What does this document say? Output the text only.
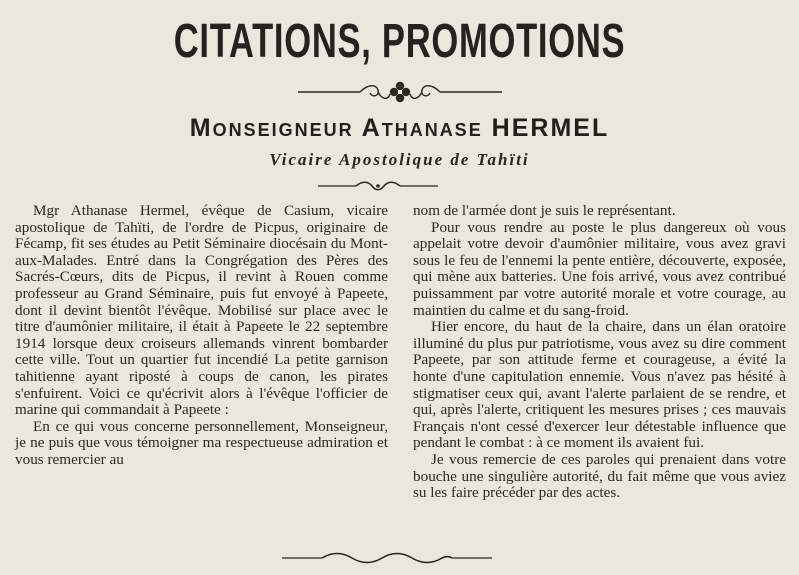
CITATIONS, PROMOTIONS
Monseigneur Athanase HERMEL
Vicaire Apostolique de Tahïti

Mgr Athanase Hermel, évêque de Casium, vicaire apostolique de Tahïti, de l'ordre de Picpus, originaire de Fécamp, fit ses études au Petit Séminaire diocésain du Mont-aux-Malades. Entré dans la Congrégation des Pères des Sacrés-Cœurs, dits de Picpus, il revint à Rouen comme professeur au Grand Séminaire, puis fut envoyé à Papeete, dont il devint bientôt l'évêque. Mobilisé sur place avec le titre d'aumônier militaire, il était à Papeete le 22 septembre 1914 lorsque deux croiseurs allemands vinrent bombarder cette ville. Tout un quartier fut incendié La petite garnison tahitienne ayant riposté à coups de canon, les pirates s'enfuirent. Voici ce qu'écrivit alors à l'évêque l'officier de marine qui commandait à Papeete :

En ce qui vous concerne personnellement, Monseigneur, je ne puis que vous témoigner ma respectueuse admiration et vous remercier au

nom de l'armée dont je suis le représentant.

Pour vous rendre au poste le plus dangereux où vous appelait votre devoir d'aumônier militaire, vous avez gravi sous le feu de l'ennemi la pente entière, découverte, exposée, qui mène aux batteries. Une fois arrivé, vous avez contribué puissamment par votre autorité morale et votre courage, au maintien du calme et du sang-froid.

Hier encore, du haut de la chaire, dans un élan oratoire illuminé du plus pur patriotisme, vous avez su dire comment Papeete, par son attitude ferme et courageuse, a évité la honte d'une capitulation ennemie. Vous n'avez pas hésité à stigmatiser ceux qui, avant l'alerte parlaient de se rendre, et qui, après l'alerte, critiquent les mesures prises ; ces mauvais Français n'ont cessé d'exercer leur détestable influence que pendant le combat : à ce moment ils avaient fui.

Je vous remercie de ces paroles qui prenaient dans votre bouche une singulière autorité, du fait même que vous aviez su les faire précéder par des actes.
